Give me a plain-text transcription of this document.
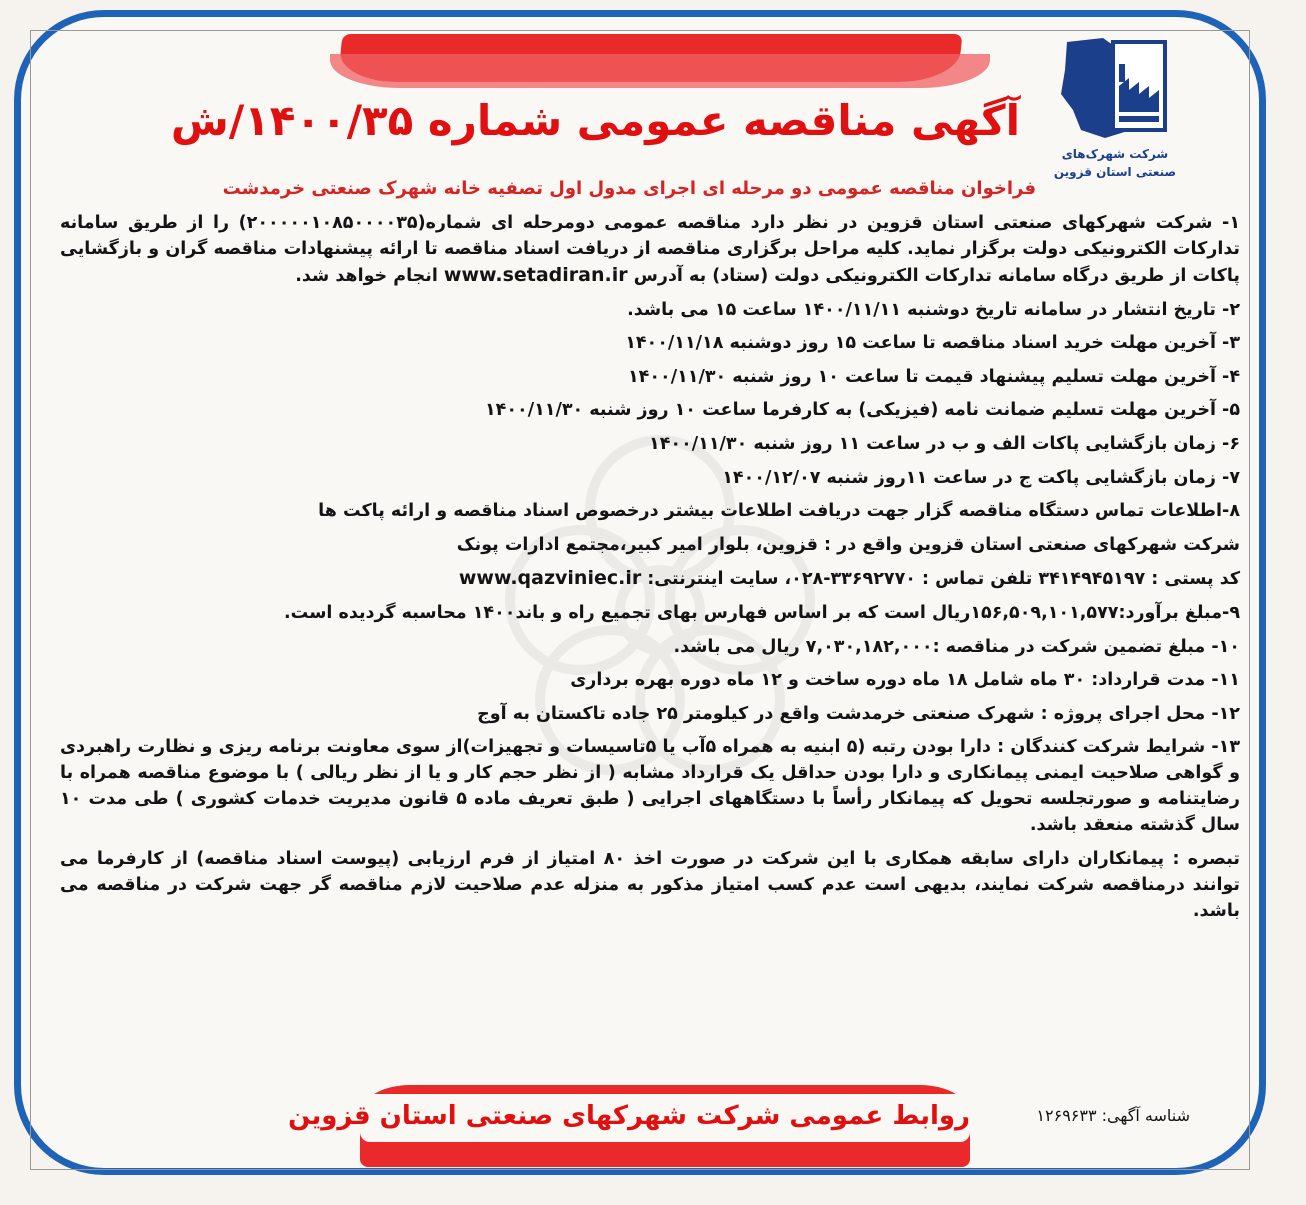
آگهی مناقصه عمومی شماره ۱۴۰۰/۳۵/ش
شرکت شهرک‌های
صنعتی استان قزوین
فراخوان مناقصه عمومی دو مرحله ای اجرای مدول اول تصفیه خانه شهرک صنعتی خرمدشت

۱- شرکت شهرکهای صنعتی استان قزوین در نظر دارد مناقصه عمومی دومرحله ای شماره(۲۰۰۰۰۰۱۰۸۵۰۰۰۰۳۵) را از طریق سامانه تدارکات الکترونیکی دولت برگزار نماید. کلیه مراحل برگزاری مناقصه از دریافت اسناد مناقصه تا ارائه پیشنهادات مناقصه گران و بازگشایی پاکات از طریق درگاه سامانه تدارکات الکترونیکی دولت (ستاد) به آدرس www.setadiran.ir انجام خواهد شد.

۲- تاریخ انتشار در سامانه تاریخ دوشنبه ۱۴۰۰/۱۱/۱۱ ساعت ۱۵ می باشد.

۳- آخرین مهلت خرید اسناد مناقصه تا ساعت ۱۵ روز دوشنبه ۱۴۰۰/۱۱/۱۸

۴- آخرین مهلت تسلیم پیشنهاد قیمت تا ساعت ۱۰ روز شنبه ۱۴۰۰/۱۱/۳۰

۵- آخرین مهلت تسلیم ضمانت نامه (فیزیکی) به کارفرما ساعت ۱۰ روز شنبه ۱۴۰۰/۱۱/۳۰

۶- زمان بازگشایی پاکات الف و ب در ساعت ۱۱ روز شنبه ۱۴۰۰/۱۱/۳۰

۷- زمان بازگشایی پاکت ج در ساعت ۱۱روز شنبه ۱۴۰۰/۱۲/۰۷

۸-اطلاعات تماس دستگاه مناقصه گزار جهت دریافت اطلاعات بیشتر درخصوص اسناد مناقصه و ارائه پاکت ها

شرکت شهرکهای صنعتی استان قزوین واقع در : قزوین، بلوار امیر کبیر،مجتمع ادارات پونک

کد پستی : ۳۴۱۴۹۴۵۱۹۷ تلفن تماس : ۳۳۶۹۲۷۷۰-۰۲۸، سایت اینترنتی: www.qazviniec.ir

۹-مبلغ برآورد:۱۵۶,۵۰۹,۱۰۱,۵۷۷ریال است که بر اساس فهارس بهای تجمیع راه و باند۱۴۰۰ محاسبه گردیده است.

۱۰- مبلغ تضمین شرکت در مناقصه :۷,۰۳۰,۱۸۲,۰۰۰ ریال می باشد.

۱۱- مدت قرارداد: ۳۰ ماه شامل ۱۸ ماه دوره ساخت و ۱۲ ماه دوره بهره برداری

۱۲- محل اجرای پروژه : شهرک صنعتی خرمدشت واقع در کیلومتر ۲۵ جاده تاکستان به آوج

۱۳- شرایط شرکت کنندگان : دارا بودن رتبه (۵ ابنیه به همراه ۵آب یا ۵تاسیسات و تجهیزات)از سوی معاونت برنامه ریزی و نظارت راهبردی و گواهی صلاحیت ایمنی پیمانکاری و دارا بودن حداقل یک قرارداد مشابه ( از نظر حجم کار و یا از نظر ریالی ) با موضوع مناقصه همراه با رضایتنامه و صورتجلسه تحویل که پیمانکار رأساً با دستگاههای اجرایی ( طبق تعریف ماده ۵ قانون مدیریت خدمات کشوری ) طی مدت ۱۰ سال گذشته منعقد باشد.

تبصره : پیمانکاران دارای سابقه همکاری با این شرکت در صورت اخذ ۸۰ امتیاز از فرم ارزیابی (پیوست اسناد مناقصه) از کارفرما می توانند درمناقصه شرکت نمایند، بدیهی است عدم کسب امتیاز مذکور به منزله عدم صلاحیت لازم مناقصه گر جهت شرکت در مناقصه می باشد.

روابط عمومی شرکت شهرکهای صنعتی استان قزوین	شناسه آگهی: ۱۲۶۹۶۳۳
